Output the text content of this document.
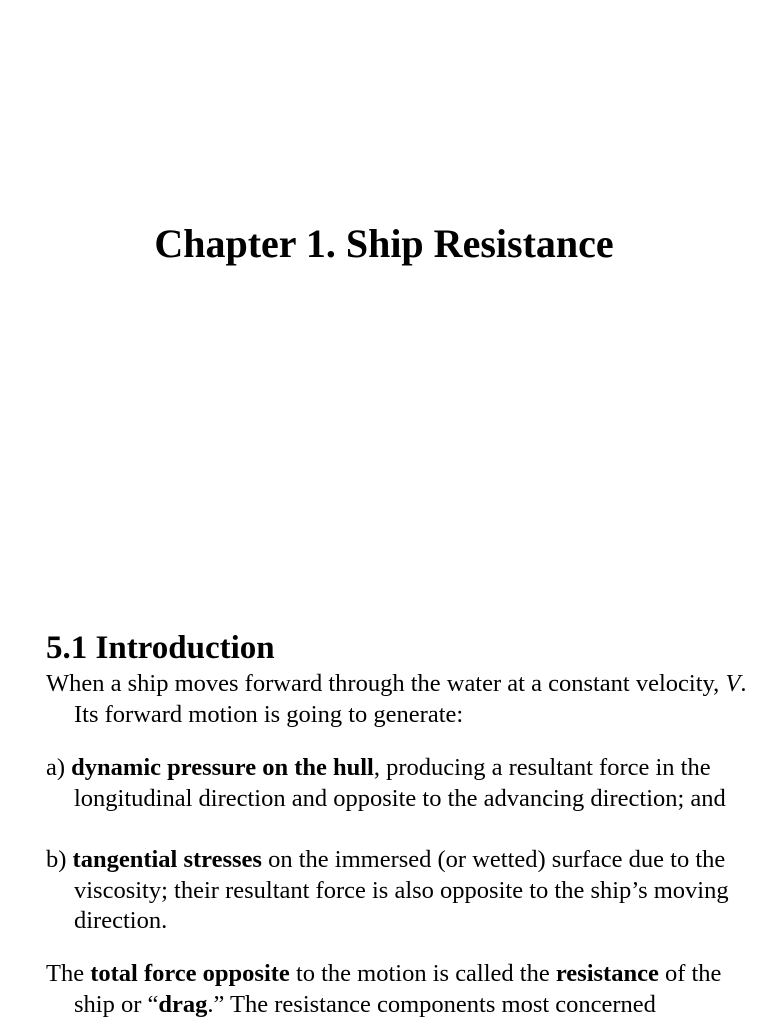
Chapter 1. Ship Resistance
5.1 Introduction

When a ship moves forward through the water at a constant velocity, V. Its forward motion is going to generate:

a) dynamic pressure on the hull, producing a resultant force in the longitudinal direction and opposite to the advancing direction; and

b) tangential stresses on the immersed (or wetted) surface due to the viscosity; their resultant force is also opposite to the ship’s moving direction.

The total force opposite to the motion is called the resistance of the ship or “drag.” The resistance components most concerned
